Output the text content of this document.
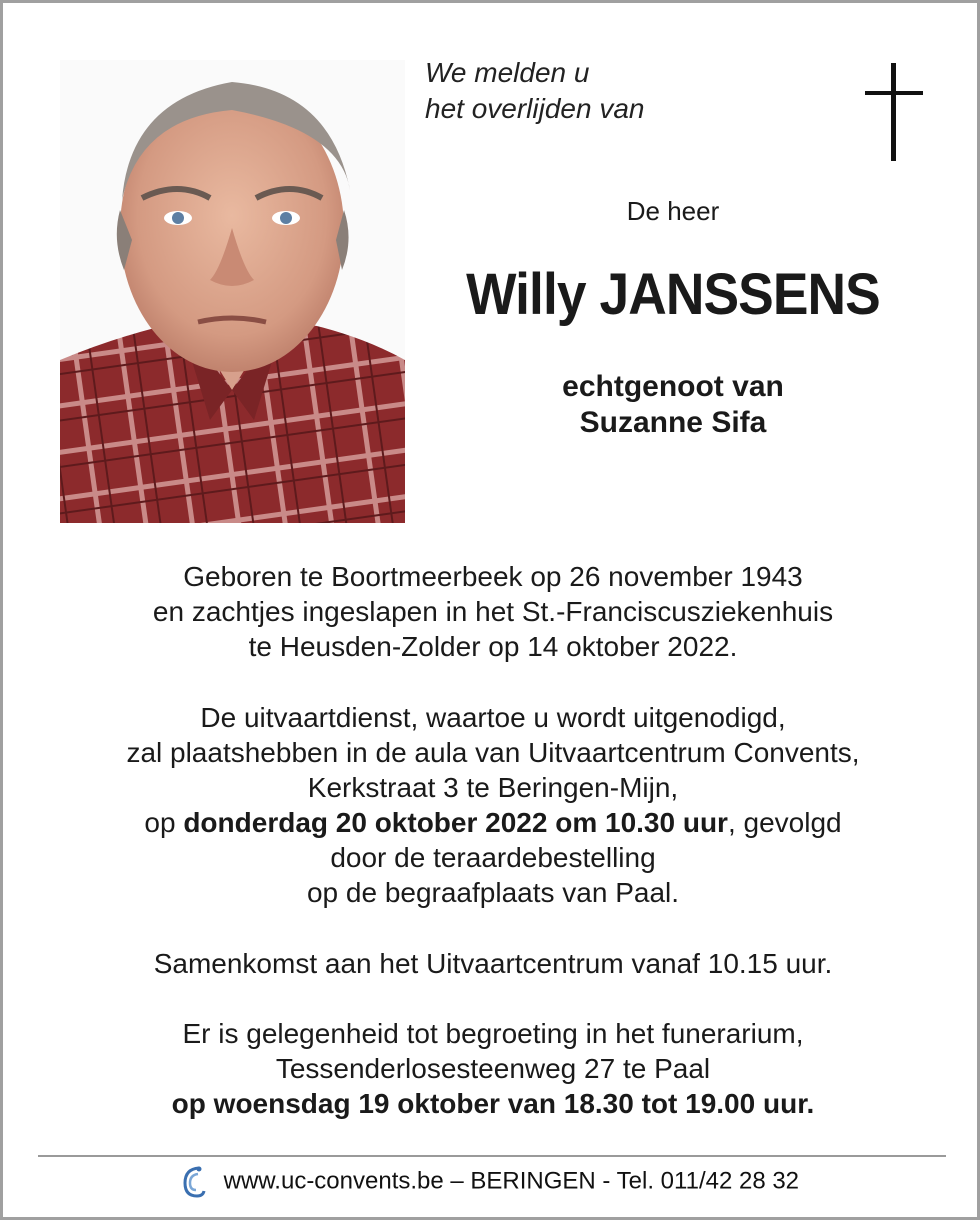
We melden u
het overlijden van
De heer
Willy JANSSENS
echtgenoot van
Suzanne Sifa
Geboren te Boortmeerbeek op 26 november 1943
en zachtjes ingeslapen in het St.-Franciscusziekenhuis
te Heusden-Zolder op 14 oktober 2022.
De uitvaartdienst, waartoe u wordt uitgenodigd,
zal plaatshebben in de aula van Uitvaartcentrum Convents,
Kerkstraat 3 te Beringen-Mijn,
op donderdag 20 oktober 2022 om 10.30 uur, gevolgd
door de teraardebestelling
op de begraafplaats van Paal.
Samenkomst aan het Uitvaartcentrum vanaf 10.15 uur.
Er is gelegenheid tot begroeting in het funerarium,
Tessenderlosesteenweg 27 te Paal
op woensdag 19 oktober van 18.30 tot 19.00 uur.
www.uc-convents.be – BERINGEN - Tel. 011/42 28 32
